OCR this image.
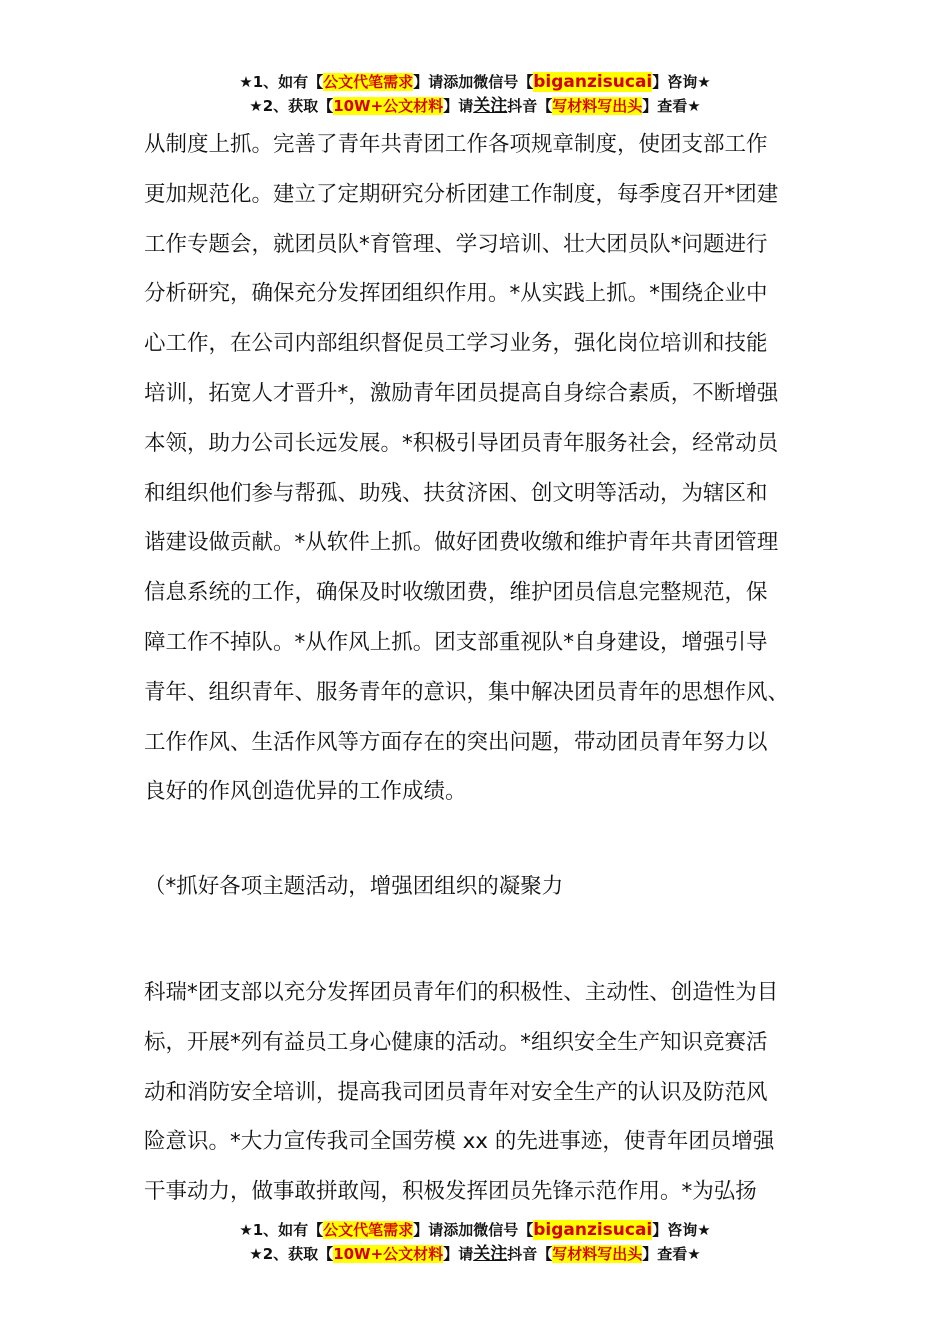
★1、如有【公文代笔需求】请添加微信号【biganzisucai】咨询★
★2、获取【10W+公文材料】请关注抖音【写材料写出头】查看★

从制度上抓。完善了青年共青团工作各项规章制度，使团支部工作
更加规范化。建立了定期研究分析团建工作制度，每季度召开*团建
工作专题会，就团员队*育管理、学习培训、壮大团员队*问题进行
分析研究，确保充分发挥团组织作用。*从实践上抓。*围绕企业中
心工作，在公司内部组织督促员工学习业务，强化岗位培训和技能
培训，拓宽人才晋升*，激励青年团员提高自身综合素质，不断增强
本领，助力公司长远发展。*积极引导团员青年服务社会，经常动员
和组织他们参与帮孤、助残、扶贫济困、创文明等活动，为辖区和
谐建设做贡献。*从软件上抓。做好团费收缴和维护青年共青团管理
信息系统的工作，确保及时收缴团费，维护团员信息完整规范，保
障工作不掉队。*从作风上抓。团支部重视队*自身建设，增强引导
青年、组织青年、服务青年的意识，集中解决团员青年的思想作风、
工作作风、生活作风等方面存在的突出问题，带动团员青年努力以
良好的作风创造优异的工作成绩。

（*抓好各项主题活动，增强团组织的凝聚力

科瑞*团支部以充分发挥团员青年们的积极性、主动性、创造性为目
标，开展*列有益员工身心健康的活动。*组织安全生产知识竞赛活
动和消防安全培训，提高我司团员青年对安全生产的认识及防范风
险意识。*大力宣传我司全国劳模 xx 的先进事迹，使青年团员增强
干事动力，做事敢拼敢闯，积极发挥团员先锋示范作用。*为弘扬

★1、如有【公文代笔需求】请添加微信号【biganzisucai】咨询★
★2、获取【10W+公文材料】请关注抖音【写材料写出头】查看★
